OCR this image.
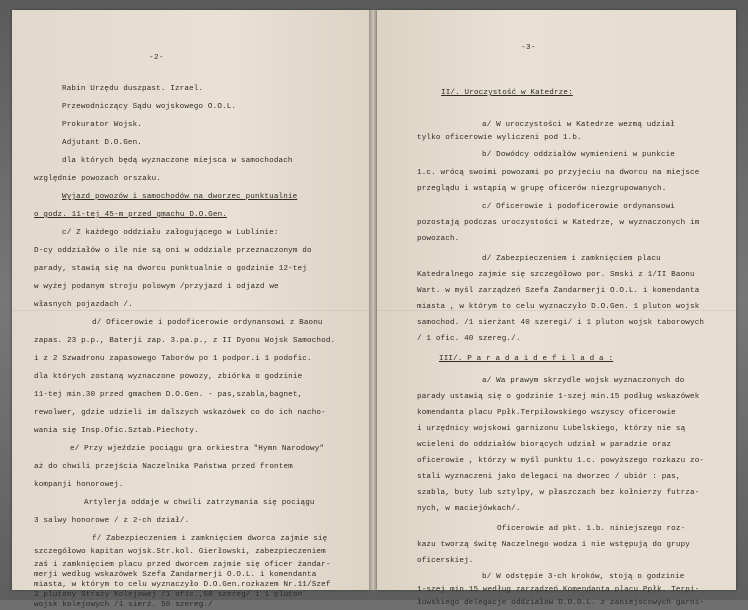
-2-
Rabin Urzędu duszpast. Izrael.
Przewodniczący Sądu wojskowego O.O.L.
Prokurator Wojsk.
Adjutant D.O.Gen.
dla których będą wyznaczone miejsca w samochodach
względnie powozach orszaku.
Wyjazd powozów i samochodów na dworzec punktualnie
o godz. 11-tej 45-m przed gmachu D.O.Gen.
c/ Z każdego oddziału załogującego w Lublinie:
D-cy oddziałów o ile nie są oni w oddziale przeznaczonym do
parady, stawią się na dworcu punktualnie o godzinie 12-tej
w wyżej podanym stroju polowym /przyjazd i odjazd we
własnych pojazdach /.
d/ Oficerowie i podoficerowie ordynansowi z Baonu
zapas. 23 p.p., Baterji zap. 3.pa.p., z II Dyonu Wojsk Samochod.
i z 2 Szwadronu zapasowego Taborów po 1 podpor.i 1 podofic.
dla których zostaną wyznaczone powozy, zbiórka o godzinie
11-tej min.30 przed gmachem D.O.Gen. - pas,szabla,bagnet,
rewolwer, gdzie udzieli im dalszych wskazówek co do ich nacho-
wania się Insp.Ofic.Sztab.Piechoty.
e/ Przy wjeździe pociągu gra orkiestra "Hymn Narodowy"
aż do chwili przejścia Naczelnika Państwa przed frontem
kompanji honorowej.
Artylerja oddaje w chwili zatrzymania się pociągu
3 salwy honorowe / z 2-ch dział/.
f/ Zabezpieczeniem i zamknięciem dworca zajmie się
szczegółowo kapitan wojsk.Str.kol. Gierłowski, zabezpieczeniem
zaś i zamknięciem placu przed dworcem zajmie się oficer żandar-
merji według wskazówek Szefa Żandarmerji O.O.L. i komendanta
miasta, w którym to celu wyznaczyło D.O.Gen.rozkazem Nr.11/Szef
2 plutony Straży Kolejowej /1 ofic.,60 szereg/ i 1 pluton
wojsk kolejowych /1 sierż. 50 szereg./
-3-
II/. Uroczystość w Katedrze:
a/ W uroczystości w Katedrze wezmą udział
tylko oficerowie wyliczeni pod 1.b.
b/ Dowódcy oddziałów wymienieni w punkcie
1.c. wrócą swoimi powozami po przyjeciu na dworcu na miejsce
przeglądu i wstąpią w grupę oficerów niezgrupowanych.
c/ Oficerowie i podoficerowie ordynansowi
pozostają podczas uroczystości w Katedrze, w wyznaczonych im
powozach.
d/ Zabezpieczeniem i zamknięciem placu
Katedralnego zajmie się szczegółowo por. Smski z 1/II Baonu
Wart. w myśl zarządzeń Szefa Żandarmerji O.O.L. i komendanta
miasta , w którym to celu wyznaczyło D.O.Gen. 1 pluton wojsk
samochod. /1 sierżant 40 szeregi/ i 1 pluton wojsk taborowych
/ 1 ofic. 40 szereg./.
III/. P a r a d a i d e f i l a d a :
a/ Wa prawym skrzydle wojsk wyznaczonych do
parady ustawią się o godzinie 1-szej min.15 podług wskazówek
komendanta placu Ppłk.Terpiłowskiego wszyscy oficerowie
i urzędnicy wojskowi garnizonu Lubelskiego, którzy nie są
wcieleni do oddziałów biorących udział w paradzie oraz
oficerowie , którzy w myśl punktu 1.c. powyższego rozkazu zo-
stali wyznaczeni jako delegaci na dworzec / ubiór : pas,
szabla, buty lub sztylpy, w płaszczach bez kołnierzy futrza-
nych, w maciejówkach/.
Oficerowie ad pkt. 1.b. niniejszego roz-
kazu tworzą świtę Naczelnego wodza i nie wstępują do grupy
oficerskiej.
b/ W odstępie 3-ch kroków, stoją o godzinie
1-szej min.15 według zarządzeń Komendanta placu Ppłk. Terpi-
łowskiego delegacje oddziałów D.O.O.L. z zaniejscowych garni-
